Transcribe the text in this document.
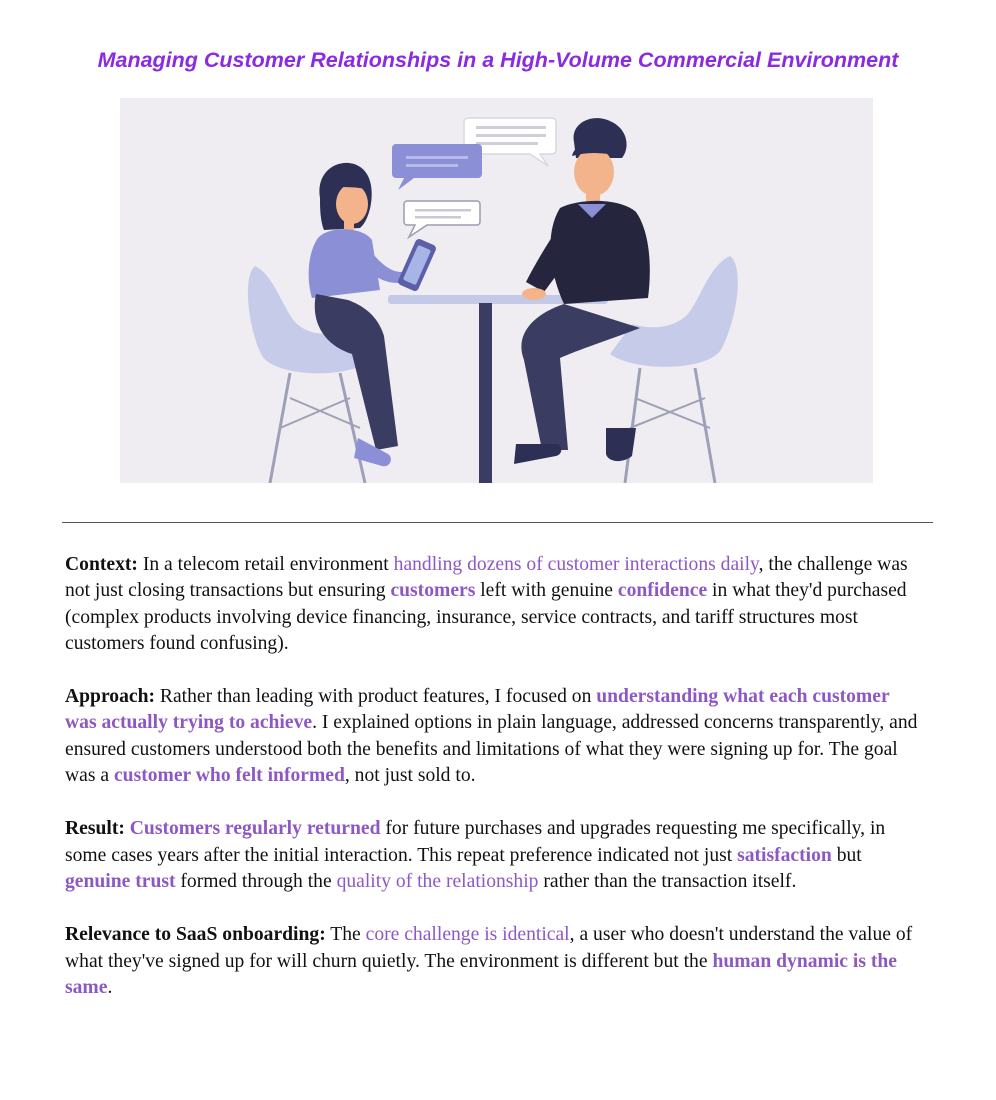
Managing Customer Relationships in a High-Volume Commercial Environment

Context: In a telecom retail environment handling dozens of customer interactions daily, the challenge was not just closing transactions but ensuring customers left with genuine confidence in what they'd purchased (complex products involving device financing, insurance, service contracts, and tariff structures most customers found confusing).

Approach: Rather than leading with product features, I focused on understanding what each customer was actually trying to achieve. I explained options in plain language, addressed concerns transparently, and ensured customers understood both the benefits and limitations of what they were signing up for. The goal was a customer who felt informed, not just sold to.

Result: Customers regularly returned for future purchases and upgrades requesting me specifically, in some cases years after the initial interaction. This repeat preference indicated not just satisfaction but genuine trust formed through the quality of the relationship rather than the transaction itself.

Relevance to SaaS onboarding: The core challenge is identical, a user who doesn't understand the value of what they've signed up for will churn quietly. The environment is different but the human dynamic is the same.
